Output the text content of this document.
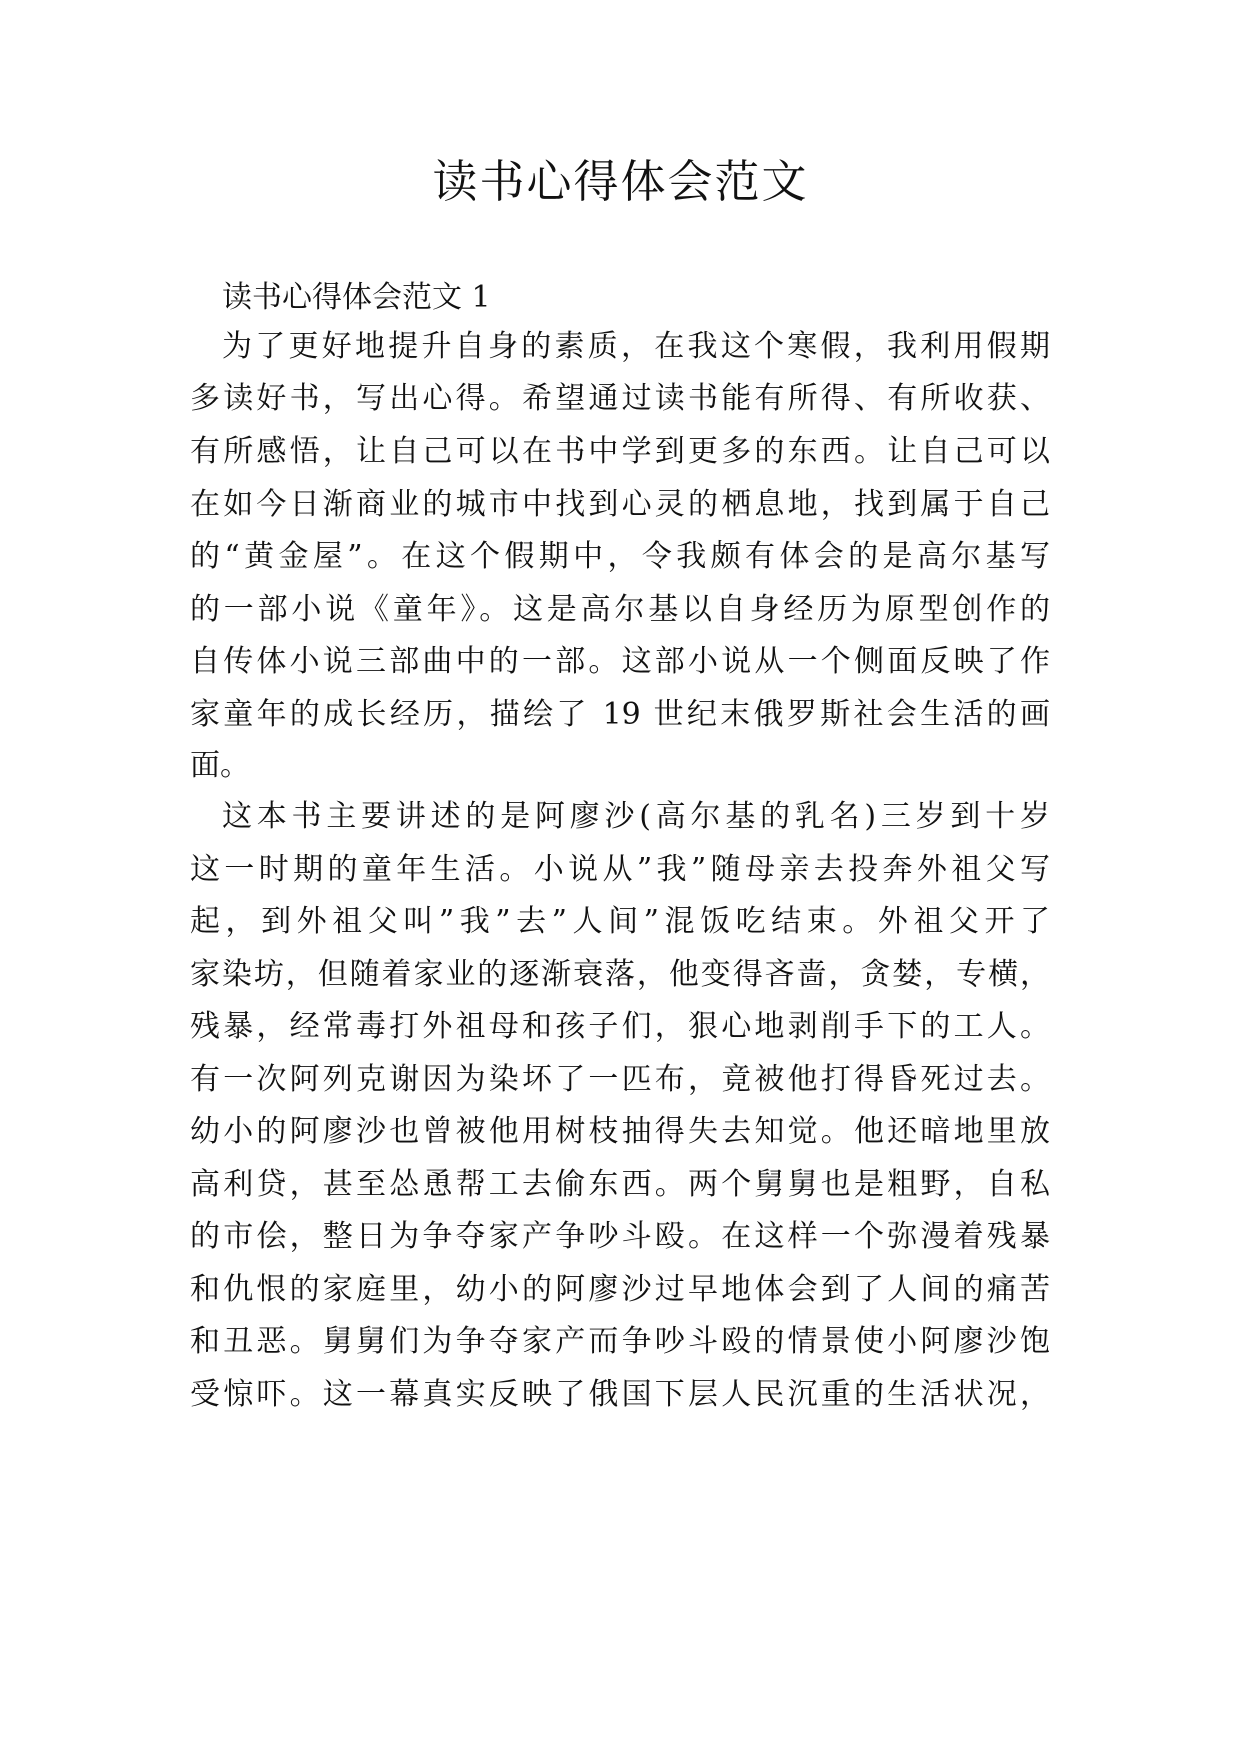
读书心得体会范文
读书心得体会范文 1
为了更好地提升自身的素质，在我这个寒假，我利用假期
多读好书，写出心得。希望通过读书能有所得、有所收获、
有所感悟，让自己可以在书中学到更多的东西。让自己可以
在如今日渐商业的城市中找到心灵的栖息地，找到属于自己
的“黄金屋”。在这个假期中，令我颇有体会的是高尔基写
的一部小说《童年》。这是高尔基以自身经历为原型创作的
自传体小说三部曲中的一部。这部小说从一个侧面反映了作
家童年的成长经历，描绘了 19 世纪末俄罗斯社会生活的画
面。
这本书主要讲述的是阿廖沙(高尔基的乳名)三岁到十岁
这一时期的童年生活。小说从”我”随母亲去投奔外祖父写
起，到外祖父叫”我”去”人间”混饭吃结束。外祖父开了
家染坊，但随着家业的逐渐衰落，他变得吝啬，贪婪，专横，
残暴，经常毒打外祖母和孩子们，狠心地剥削手下的工人。
有一次阿列克谢因为染坏了一匹布，竟被他打得昏死过去。
幼小的阿廖沙也曾被他用树枝抽得失去知觉。他还暗地里放
高利贷，甚至怂恿帮工去偷东西。两个舅舅也是粗野，自私
的市侩，整日为争夺家产争吵斗殴。在这样一个弥漫着残暴
和仇恨的家庭里，幼小的阿廖沙过早地体会到了人间的痛苦
和丑恶。舅舅们为争夺家产而争吵斗殴的情景使小阿廖沙饱
受惊吓。这一幕真实反映了俄国下层人民沉重的生活状况，
